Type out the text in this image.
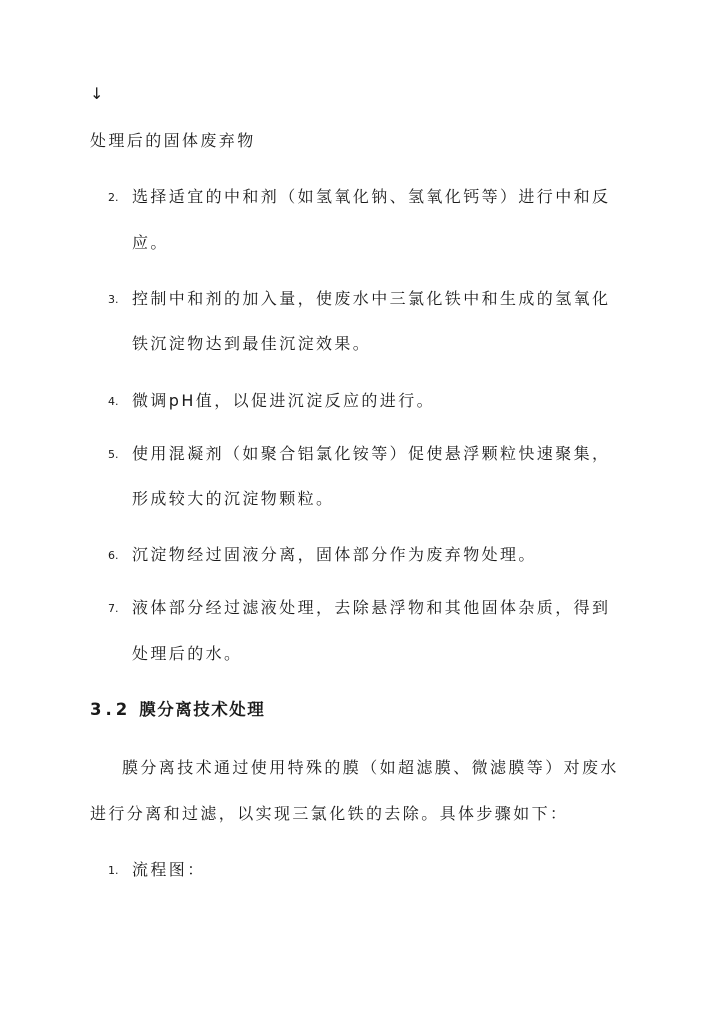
↓
处理后的固体废弃物
2. 选择适宜的中和剂（如氢氧化钠、氢氧化钙等）进行中和反
应。
3. 控制中和剂的加入量，使废水中三氯化铁中和生成的氢氧化
铁沉淀物达到最佳沉淀效果。
4. 微调pH值，以促进沉淀反应的进行。
5. 使用混凝剂（如聚合铝氯化铵等）促使悬浮颗粒快速聚集，
形成较大的沉淀物颗粒。
6. 沉淀物经过固液分离，固体部分作为废弃物处理。
7. 液体部分经过滤液处理，去除悬浮物和其他固体杂质，得到
处理后的水。
3.2 膜分离技术处理
膜分离技术通过使用特殊的膜（如超滤膜、微滤膜等）对废水
进行分离和过滤，以实现三氯化铁的去除。具体步骤如下：
1. 流程图：
